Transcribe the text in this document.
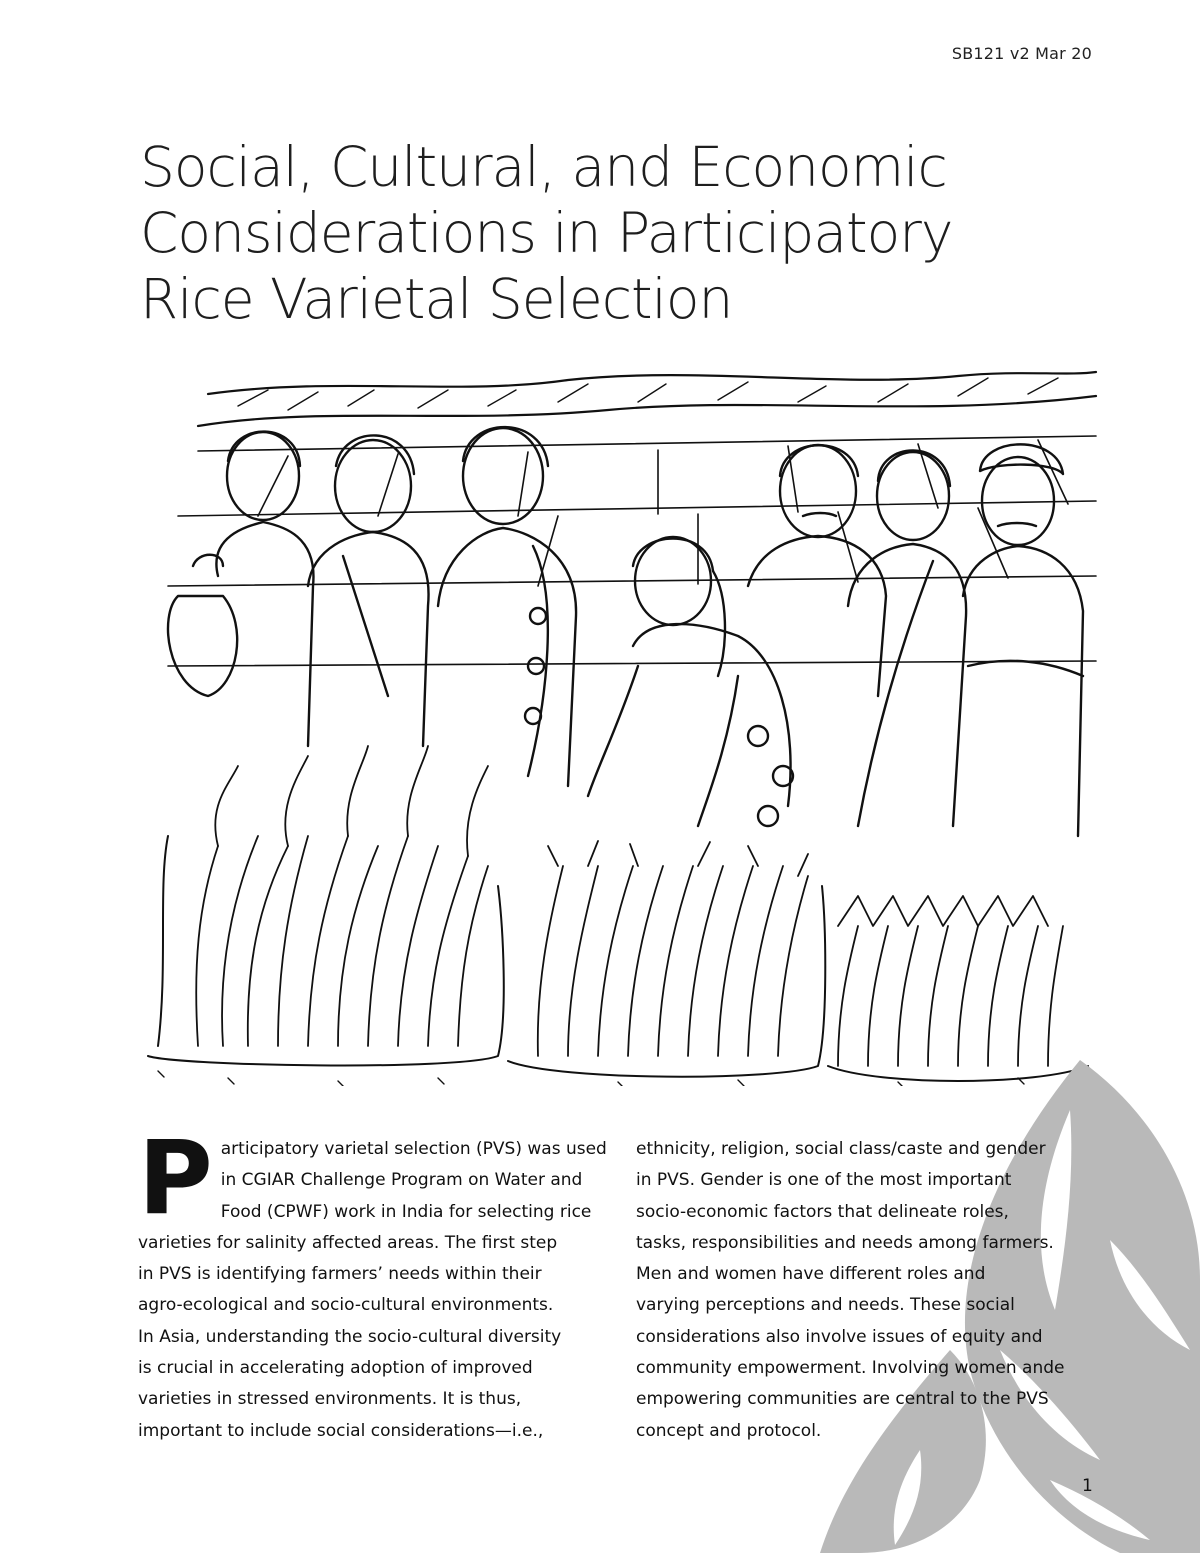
SB121 v2 Mar 20
Social, Cultural, and Economic
Considerations in Participatory
Rice Varietal Selection
P articipatory varietal selection (PVS) was used
in CGIAR Challenge Program on Water and
Food (CPWF) work in India for selecting rice
varieties for salinity affected areas. The first step
in PVS is identifying farmers’ needs within their
agro-ecological and socio-cultural environments.
In Asia, understanding the socio-cultural diversity
is crucial in accelerating adoption of improved
varieties in stressed environments. It is thus,
important to include social considerations—i.e.,

ethnicity, religion, social class/caste and gender
in PVS. Gender is one of the most important
socio-economic factors that delineate roles,
tasks, responsibilities and needs among farmers.
Men and women have different roles and
varying perceptions and needs. These social
considerations also involve issues of equity and
community empowerment. Involving women ande
empowering communities are central to the PVS
concept and protocol.

1
